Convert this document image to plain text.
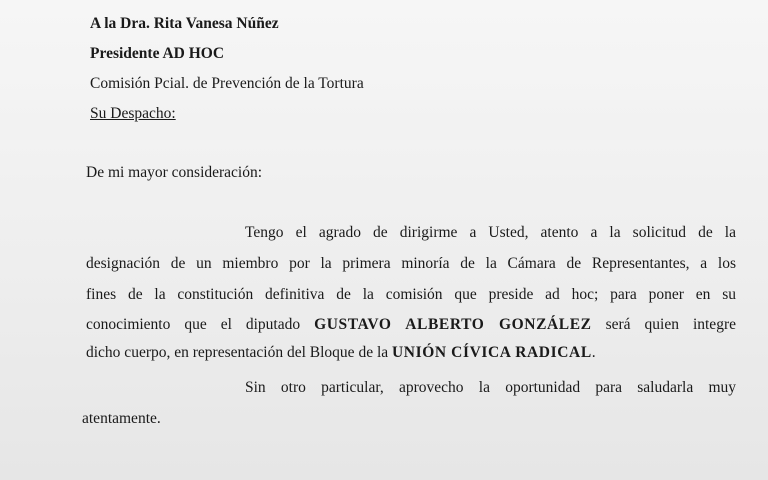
A la Dra. Rita Vanesa Núñez
Presidente AD HOC
Comisión Pcial. de Prevención de la Tortura
Su Despacho:
De mi mayor consideración:
Tengo el agrado de dirigirme a Usted, atento a la solicitud de la
designación de un miembro por la primera minoría de la Cámara de Representantes, a los
fines de la constitución definitiva de la comisión que preside ad hoc; para poner en su
conocimiento que el diputado GUSTAVO ALBERTO GONZÁLEZ será quien integre
dicho cuerpo, en representación del Bloque de la UNIÓN CÍVICA RADICAL.
Sin otro particular, aprovecho la oportunidad para saludarla muy
atentamente.
